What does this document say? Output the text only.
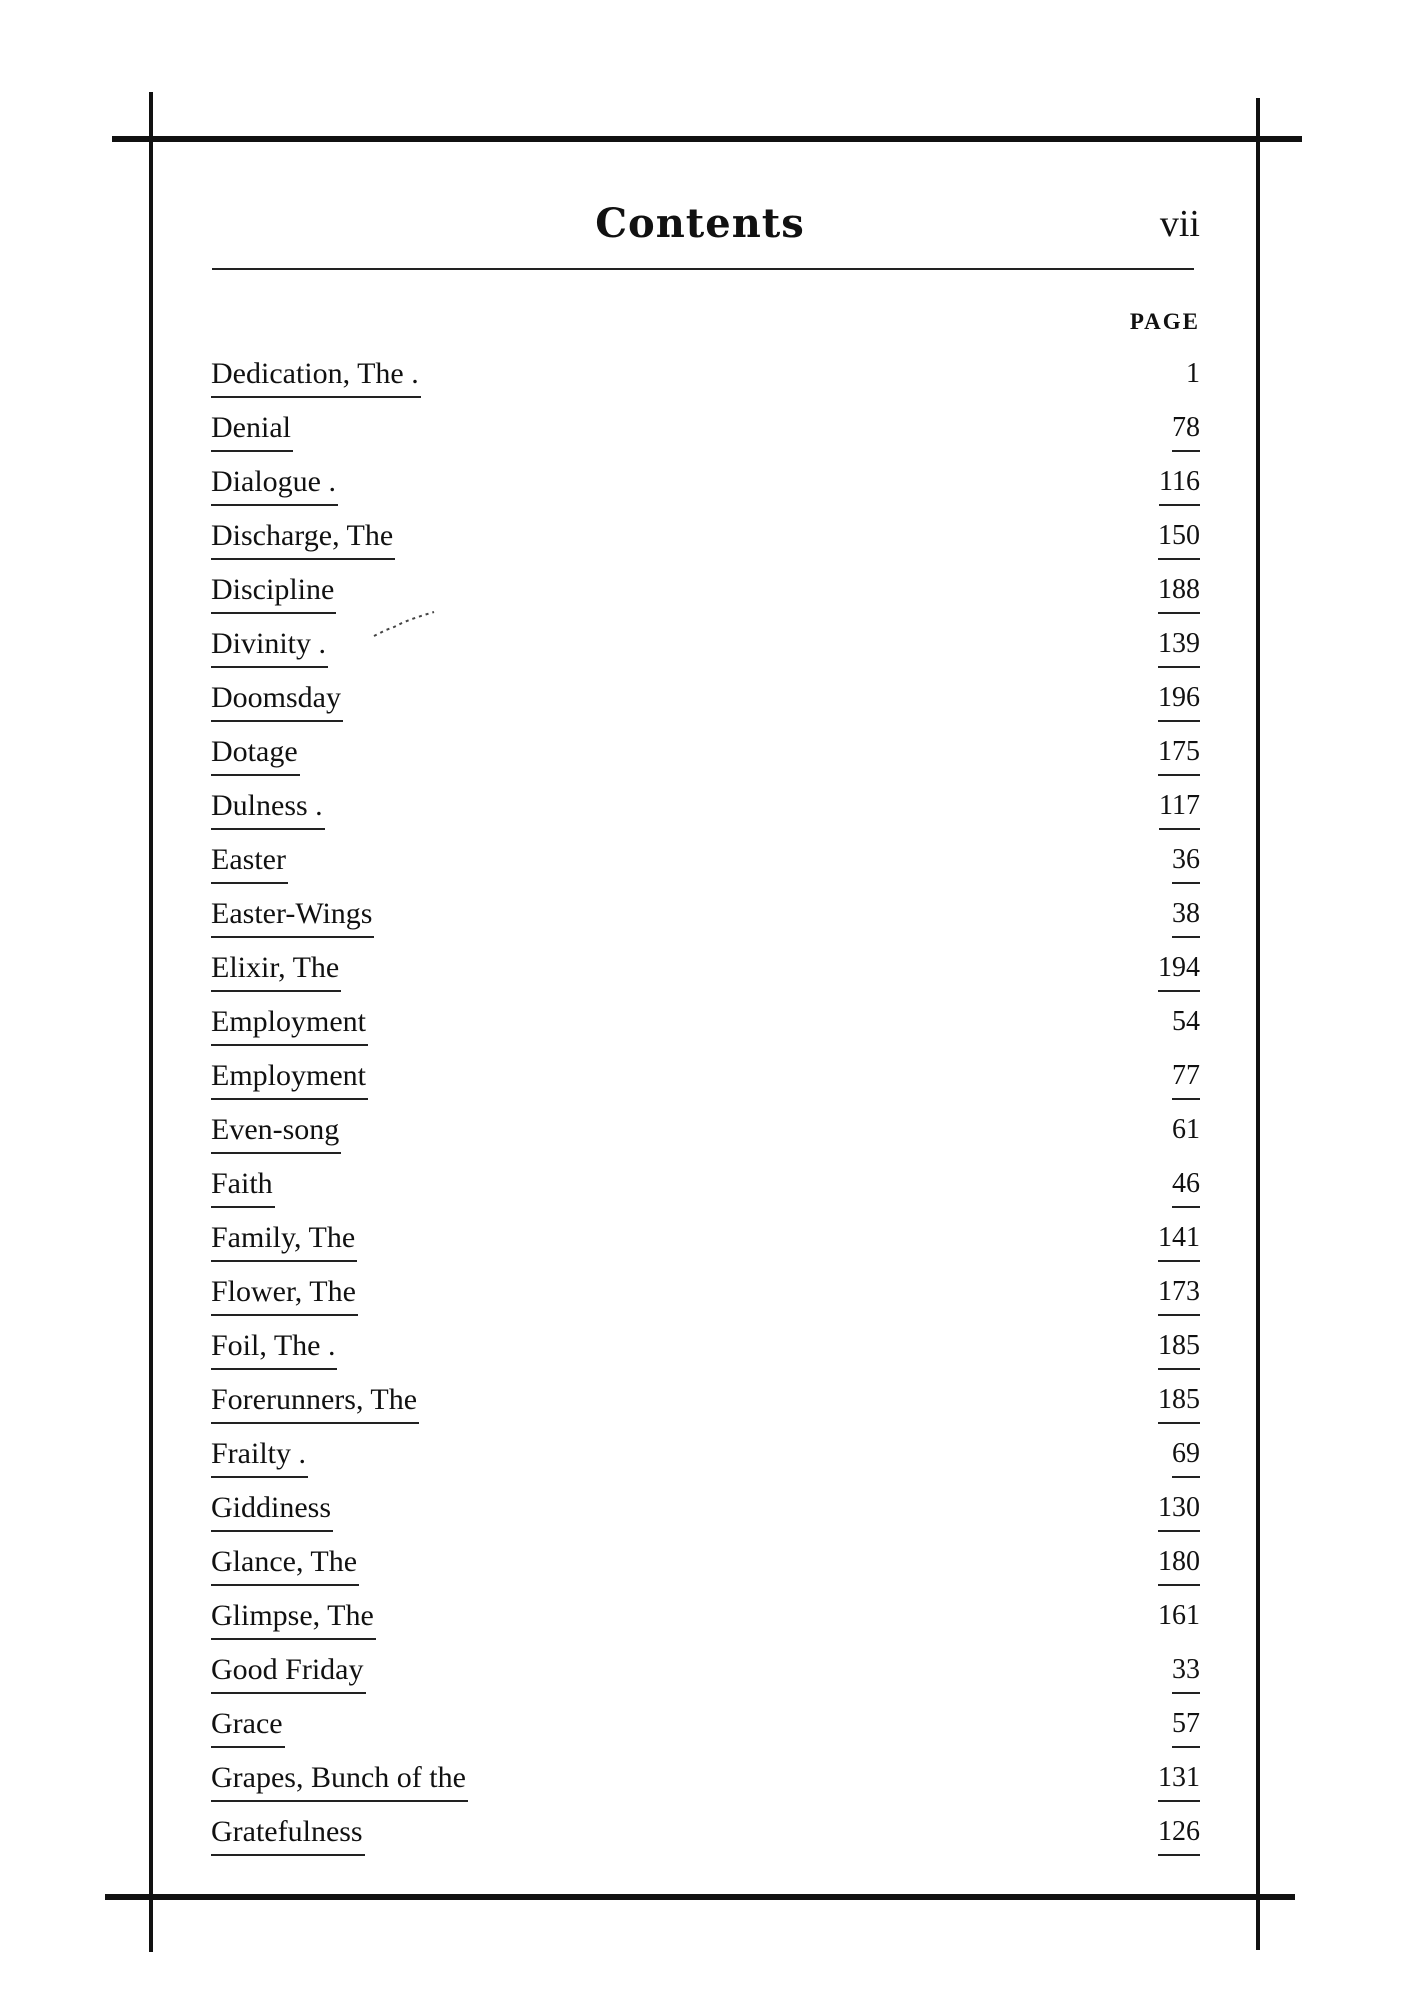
Contents	vii
PAGE
Dedication, The .	1
Denial	78
Dialogue .	116
Discharge, The	150
Discipline	188
Divinity .	139
Doomsday	196
Dotage	175
Dulness .	117
Easter	36
Easter-Wings	38
Elixir, The	194
Employment	54
Employment	77
Even-song	61
Faith	46
Family, The	141
Flower, The	173
Foil, The .	185
Forerunners, The	185
Frailty .	69
Giddiness	130
Glance, The	180
Glimpse, The	161
Good Friday	33
Grace	57
Grapes, Bunch of the	131
Gratefulness	126
